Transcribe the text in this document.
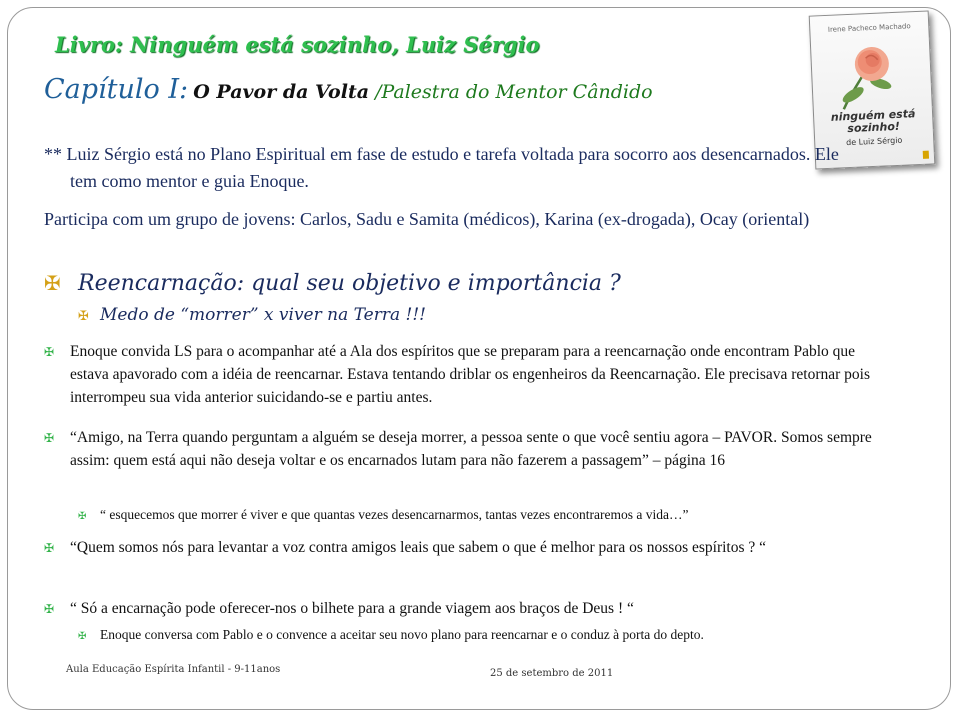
Livro: Ninguém está sozinho, Luiz Sérgio
Capítulo I: O Pavor da Volta /Palestra do Mentor Cândido
Irene Pacheco Machado
ninguém está sozinho!
de Luiz Sérgio
** Luiz Sérgio está no Plano Espiritual em fase de estudo e tarefa voltada para socorro aos desencarnados. Ele tem como mentor e guia Enoque.
Participa com um grupo de jovens: Carlos, Sadu e Samita (médicos), Karina (ex-drogada), Ocay (oriental)
✠ Reencarnação: qual seu objetivo e importância ?
✠ Medo de “morrer” x viver na Terra !!!
✠ Enoque convida LS para o acompanhar até a Ala dos espíritos que se preparam para a reencarnação onde encontram Pablo que estava apavorado com a idéia de reencarnar. Estava tentando driblar os engenheiros da Reencarnação. Ele precisava retornar pois interrompeu sua vida anterior suicidando-se e partiu antes.
✠ “Amigo, na Terra quando perguntam a alguém se deseja morrer, a pessoa sente o que você sentiu agora – PAVOR. Somos sempre assim: quem está aqui não deseja voltar e os encarnados lutam para não fazerem a passagem” – página 16
✠ “ esquecemos que morrer é viver e que quantas vezes desencarnarmos, tantas vezes encontraremos a vida…”
✠ “Quem somos nós para levantar a voz contra amigos leais que sabem o que é melhor para os nossos espíritos ? “
✠ “ Só a encarnação pode oferecer-nos o bilhete para a grande viagem aos braços de Deus ! “
✠ Enoque conversa com Pablo e o convence a aceitar seu novo plano para reencarnar e o conduz à porta do depto.
Aula Educação Espírita Infantil - 9-11anos	25 de setembro de 2011
